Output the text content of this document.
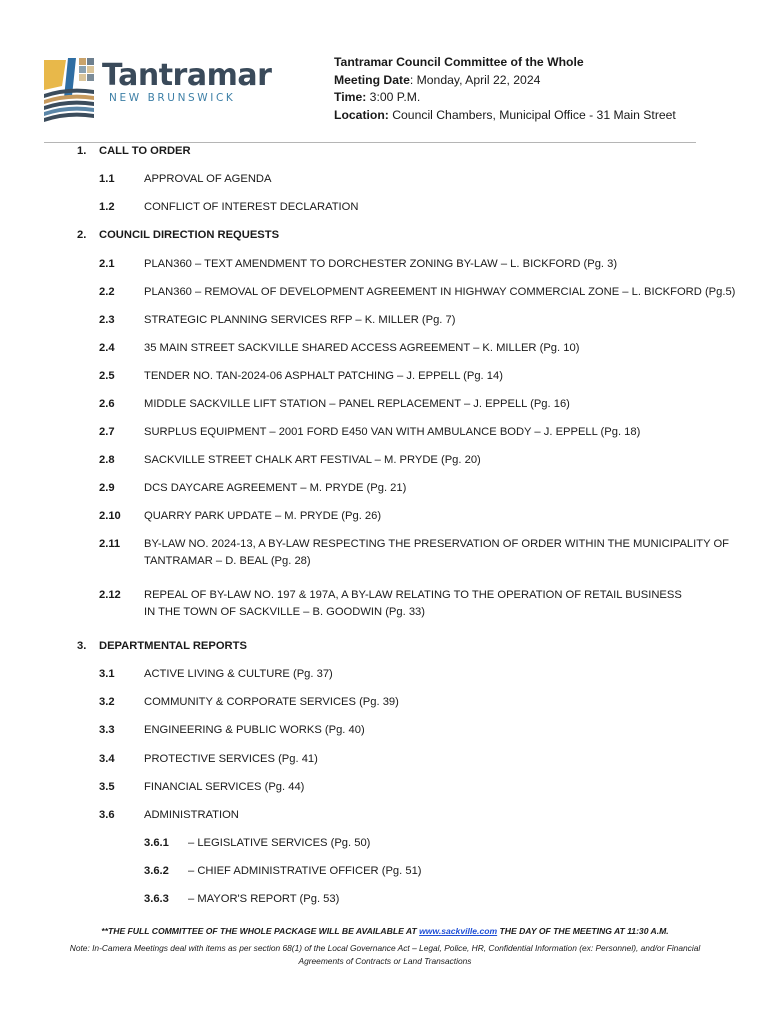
Tantramar
NEW BRUNSWICK
Tantramar Council Committee of the Whole
Meeting Date: Monday, April 22, 2024
Time: 3:00 P.M.
Location: Council Chambers, Municipal Office - 31 Main Street
1. CALL TO ORDER
1.1	APPROVAL OF AGENDA
1.2	CONFLICT OF INTEREST DECLARATION
2. COUNCIL DIRECTION REQUESTS
2.1	PLAN360 – TEXT AMENDMENT TO DORCHESTER ZONING BY-LAW – L. BICKFORD (Pg. 3)
2.2	PLAN360 – REMOVAL OF DEVELOPMENT AGREEMENT IN HIGHWAY COMMERCIAL ZONE – L. BICKFORD (Pg.5)
2.3	STRATEGIC PLANNING SERVICES RFP – K. MILLER (Pg. 7)
2.4	35 MAIN STREET SACKVILLE SHARED ACCESS AGREEMENT – K. MILLER (Pg. 10)
2.5	TENDER NO. TAN-2024-06 ASPHALT PATCHING – J. EPPELL (Pg. 14)
2.6	MIDDLE SACKVILLE LIFT STATION – PANEL REPLACEMENT – J. EPPELL (Pg. 16)
2.7	SURPLUS EQUIPMENT – 2001 FORD E450 VAN WITH AMBULANCE BODY – J. EPPELL (Pg. 18)
2.8	SACKVILLE STREET CHALK ART FESTIVAL – M. PRYDE (Pg. 20)
2.9	DCS DAYCARE AGREEMENT – M. PRYDE (Pg. 21)
2.10 QUARRY PARK UPDATE – M. PRYDE (Pg. 26)
2.11 BY-LAW NO. 2024-13, A BY-LAW RESPECTING THE PRESERVATION OF ORDER WITHIN THE MUNICIPALITY OF
TANTRAMAR – D. BEAL (Pg. 28)
2.12 REPEAL OF BY-LAW NO. 197 & 197A, A BY-LAW RELATING TO THE OPERATION OF RETAIL BUSINESS
IN THE TOWN OF SACKVILLE – B. GOODWIN (Pg. 33)
3. DEPARTMENTAL REPORTS
3.1	ACTIVE LIVING & CULTURE (Pg. 37)
3.2	COMMUNITY & CORPORATE SERVICES (Pg. 39)
3.3	ENGINEERING & PUBLIC WORKS (Pg. 40)
3.4	PROTECTIVE SERVICES (Pg. 41)
3.5	FINANCIAL SERVICES (Pg. 44)
3.6	ADMINISTRATION
3.6.1 – LEGISLATIVE SERVICES (Pg. 50)
3.6.2 – CHIEF ADMINISTRATIVE OFFICER (Pg. 51)
3.6.3 – MAYOR'S REPORT (Pg. 53)
**THE FULL COMMITTEE OF THE WHOLE PACKAGE WILL BE AVAILABLE AT www.sackville.com THE DAY OF THE MEETING AT 11:30 A.M.
Note: In-Camera Meetings deal with items as per section 68(1) of the Local Governance Act – Legal, Police, HR, Confidential Information (ex: Personnel), and/or Financial
Agreements of Contracts or Land Transactions
